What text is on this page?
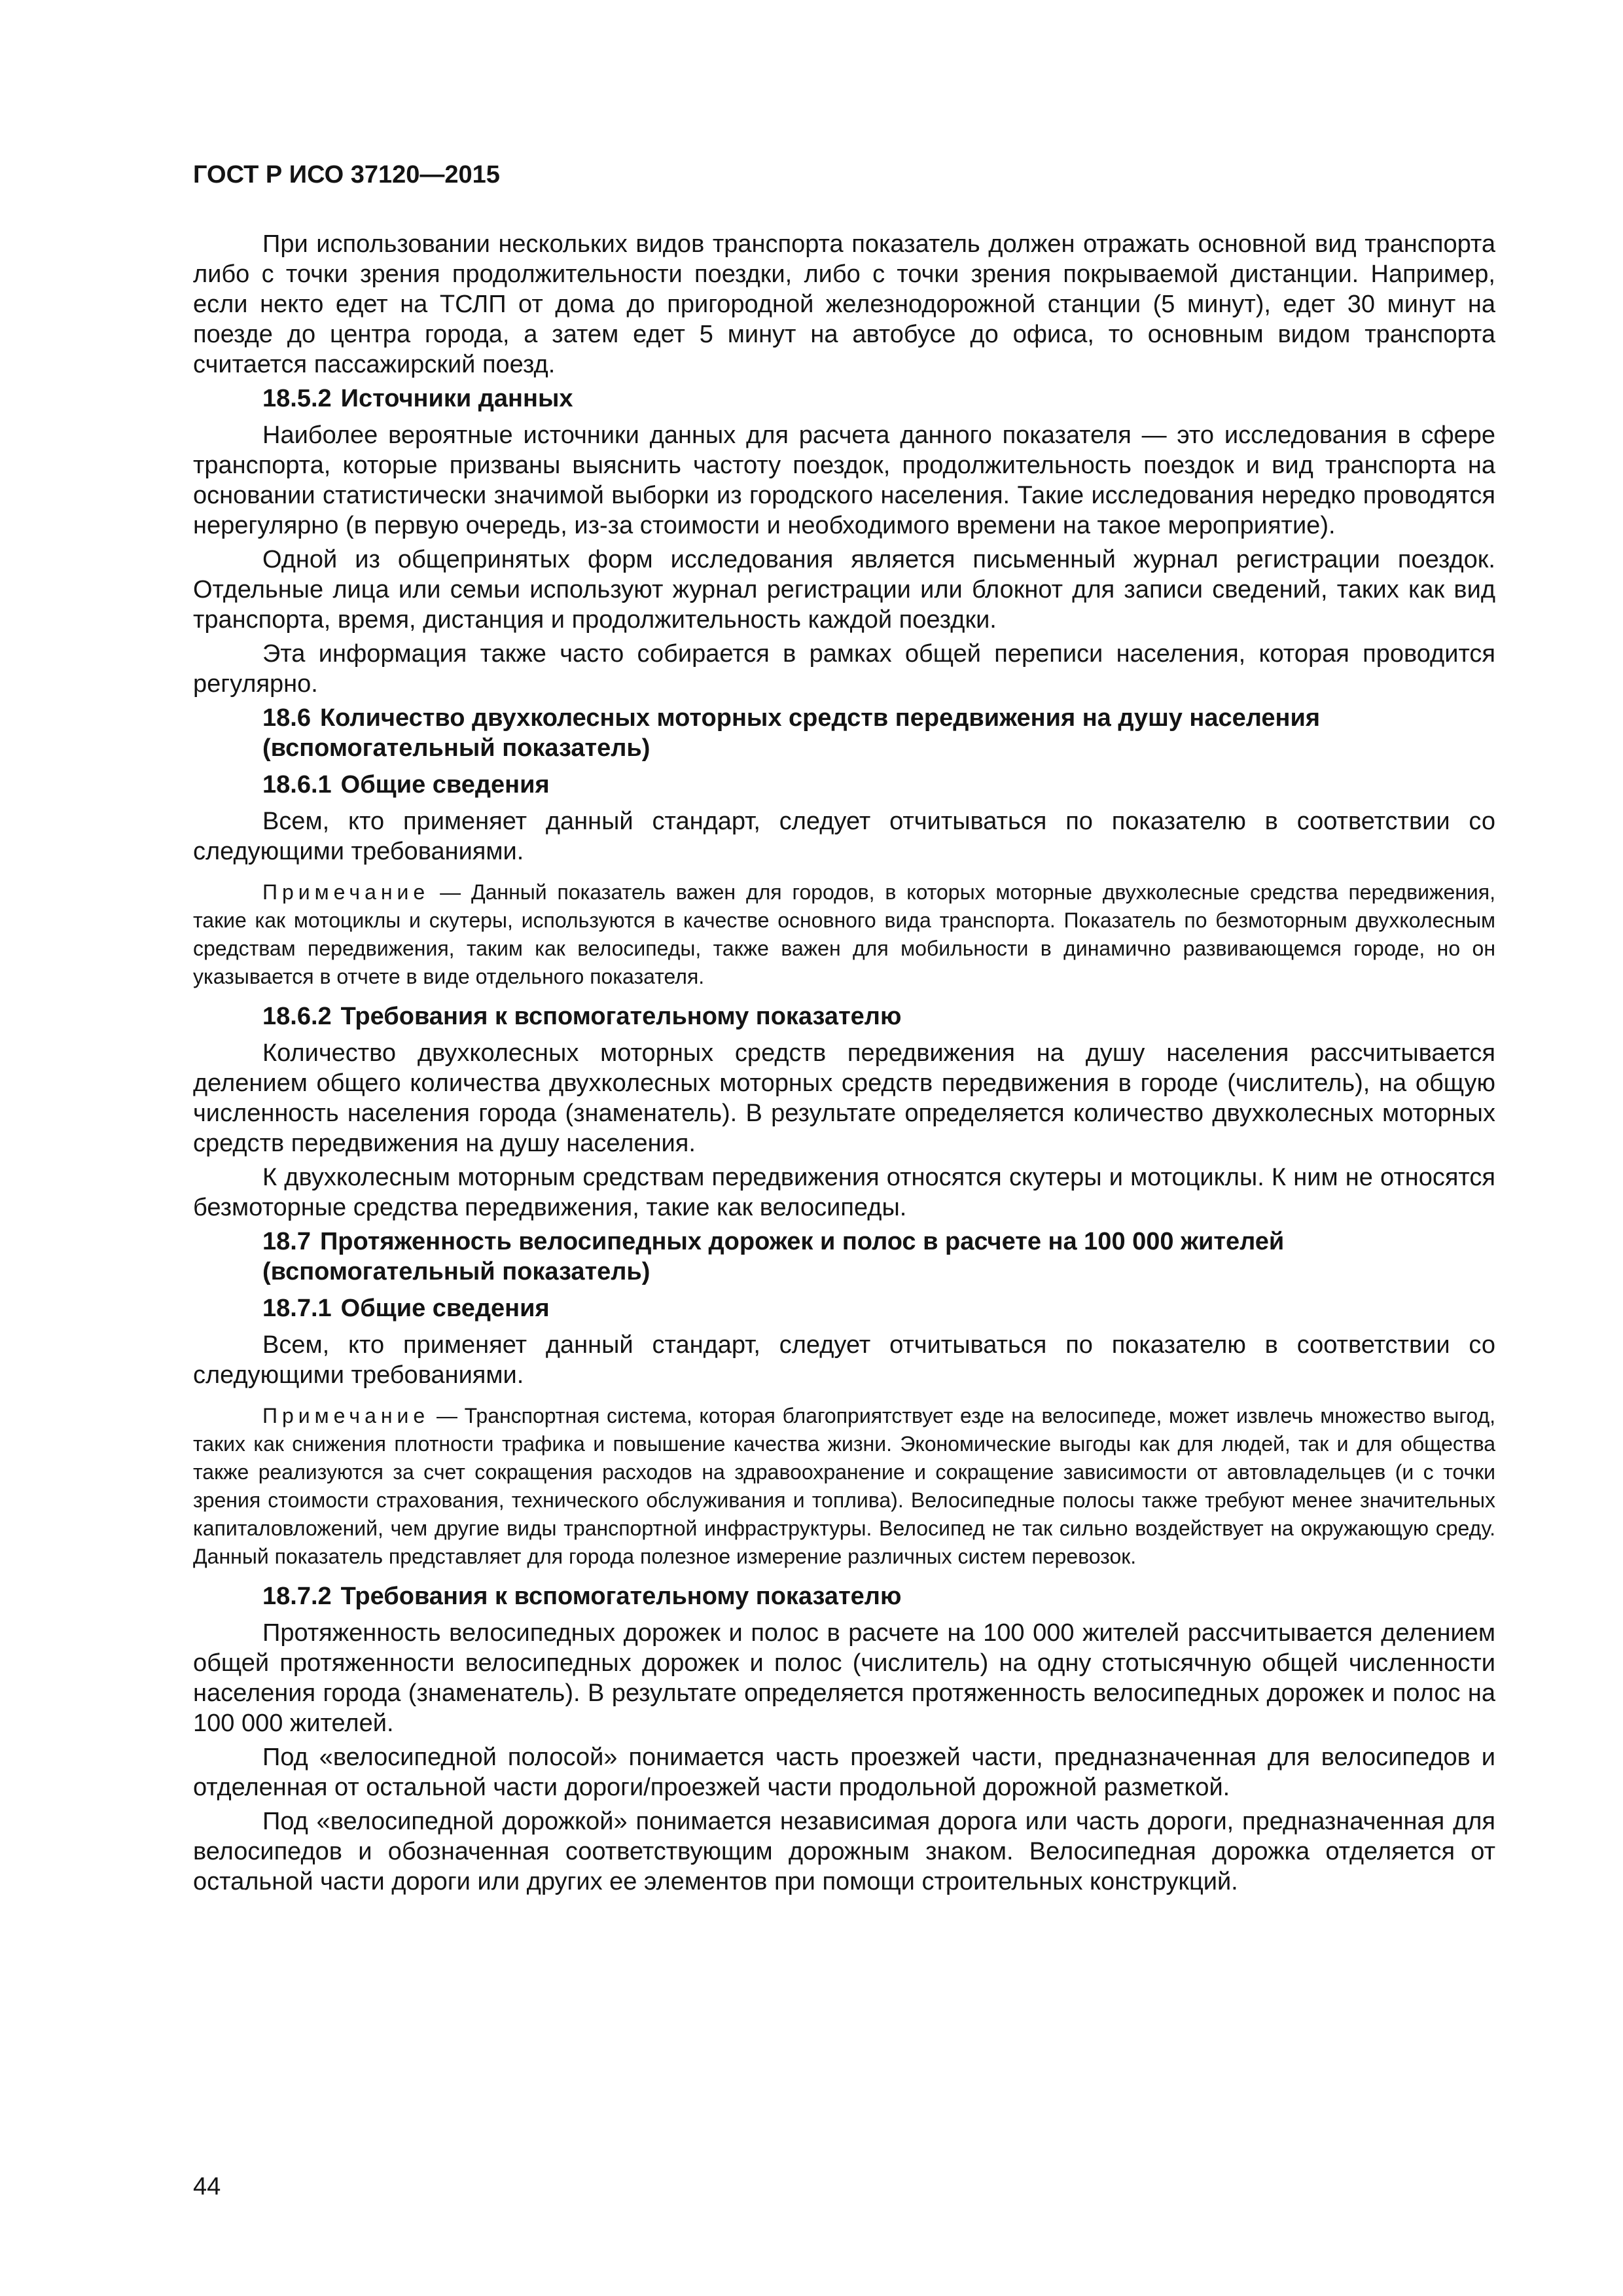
ГОСТ Р ИСО 37120—2015

При использовании нескольких видов транспорта показатель должен отражать основной вид транспорта либо с точки зрения продолжительности поездки, либо с точки зрения покрываемой дистанции. Например, если некто едет на ТСЛП от дома до пригородной железнодорожной станции (5 минут), едет 30 минут на поезде до центра города, а затем едет 5 минут на автобусе до офиса, то основным видом транспорта считается пассажирский поезд.

18.5.2 Источники данных

Наиболее вероятные источники данных для расчета данного показателя — это исследования в сфере транспорта, которые призваны выяснить частоту поездок, продолжительность поездок и вид транспорта на основании статистически значимой выборки из городского населения. Такие исследования нередко проводятся нерегулярно (в первую очередь, из-за стоимости и необходимого времени на такое мероприятие).

Одной из общепринятых форм исследования является письменный журнал регистрации поездок. Отдельные лица или семьи используют журнал регистрации или блокнот для записи сведений, таких как вид транспорта, время, дистанция и продолжительность каждой поездки.

Эта информация также часто собирается в рамках общей переписи населения, которая проводится регулярно.

18.6 Количество двухколесных моторных средств передвижения на душу населения
(вспомогательный показатель)
18.6.1 Общие сведения

Всем, кто применяет данный стандарт, следует отчитываться по показателю в соответствии со следующими требованиями.

Примечание — Данный показатель важен для городов, в которых моторные двухколесные средства передвижения, такие как мотоциклы и скутеры, используются в качестве основного вида транспорта. Показатель по безмоторным двухколесным средствам передвижения, таким как велосипеды, также важен для мобильности в динамично развивающемся городе, но он указывается в отчете в виде отдельного показателя.
18.6.2 Требования к вспомогательному показателю

Количество двухколесных моторных средств передвижения на душу населения рассчитывается делением общего количества двухколесных моторных средств передвижения в городе (числитель), на общую численность населения города (знаменатель). В результате определяется количество двухколесных моторных средств передвижения на душу населения.

К двухколесным моторным средствам передвижения относятся скутеры и мотоциклы. К ним не относятся безмоторные средства передвижения, такие как велосипеды.

18.7 Протяженность велосипедных дорожек и полос в расчете на 100 000 жителей
(вспомогательный показатель)
18.7.1 Общие сведения

Всем, кто применяет данный стандарт, следует отчитываться по показателю в соответствии со следующими требованиями.

Примечание — Транспортная система, которая благоприятствует езде на велосипеде, может извлечь множество выгод, таких как снижения плотности трафика и повышение качества жизни. Экономические выгоды как для людей, так и для общества также реализуются за счет сокращения расходов на здравоохранение и сокращение зависимости от автовладельцев (и с точки зрения стоимости страхования, технического обслуживания и топлива). Велосипедные полосы также требуют менее значительных капиталовложений, чем другие виды транспортной инфраструктуры. Велосипед не так сильно воздействует на окружающую среду. Данный показатель представляет для города полезное измерение различных систем перевозок.
18.7.2 Требования к вспомогательному показателю

Протяженность велосипедных дорожек и полос в расчете на 100 000 жителей рассчитывается делением общей протяженности велосипедных дорожек и полос (числитель) на одну стотысячную общей численности населения города (знаменатель). В результате определяется протяженность велосипедных дорожек и полос на 100 000 жителей.

Под «велосипедной полосой» понимается часть проезжей части, предназначенная для велосипедов и отделенная от остальной части дороги/проезжей части продольной дорожной разметкой.

Под «велосипедной дорожкой» понимается независимая дорога или часть дороги, предназначенная для велосипедов и обозначенная соответствующим дорожным знаком. Велосипедная дорожка отделяется от остальной части дороги или других ее элементов при помощи строительных конструкций.

44
